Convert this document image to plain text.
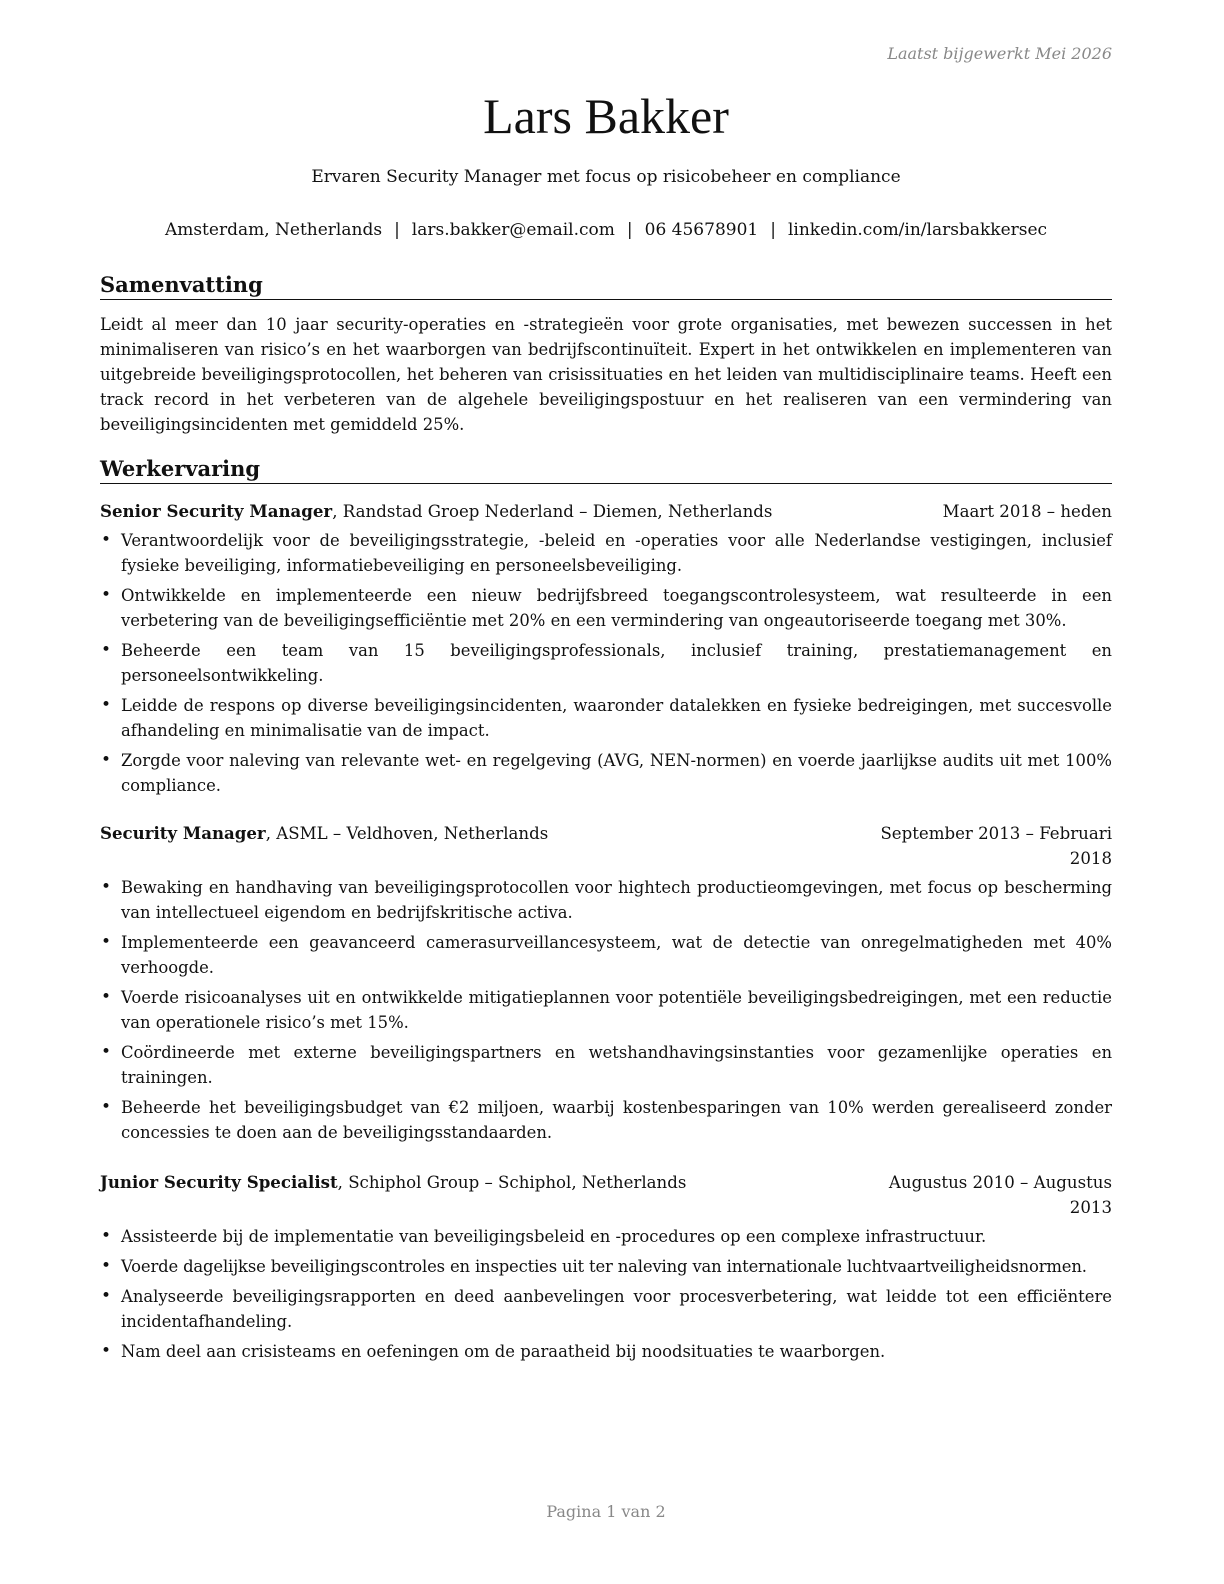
Laatst bijgewerkt Mei 2026

Lars Bakker

Ervaren Security Manager met focus op risicobeheer en compliance

Amsterdam, Netherlands | lars.bakker@email.com | 06 45678901 | linkedin.com/in/larsbakkersec
Samenvatting

Leidt al meer dan 10 jaar security-operaties en -strategieën voor grote organisaties, met bewezen successen in het minimaliseren van risico’s en het waarborgen van bedrijfscontinuïteit. Expert in het ontwikkelen en implementeren van uitgebreide beveiligingsprotocollen, het beheren van crisissituaties en het leiden van multidisciplinaire teams. Heeft een track record in het verbeteren van de algehele beveiligingspostuur en het realiseren van een vermindering van beveiligingsincidenten met gemiddeld 25%.

Werkervaring
Senior Security Manager, Randstad Groep Nederland – Diemen, Netherlands	Maart 2018 – heden
• Verantwoordelijk voor de beveiligingsstrategie, -beleid en -operaties voor alle Nederlandse vestigingen, inclusief fysieke beveiliging, informatiebeveiliging en personeelsbeveiliging.
• Ontwikkelde en implementeerde een nieuw bedrijfsbreed toegangscontrolesysteem, wat resulteerde in een verbetering van de beveiligingsefficiëntie met 20% en een vermindering van ongeautoriseerde toegang met 30%.
• Beheerde een team van 15 beveiligingsprofessionals, inclusief training, prestatiemanagement en personeelsontwikkeling.
• Leidde de respons op diverse beveiligingsincidenten, waaronder datalekken en fysieke bedreigingen, met succesvolle afhandeling en minimalisatie van de impact.
• Zorgde voor naleving van relevante wet- en regelgeving (AVG, NEN-normen) en voerde jaarlijkse audits uit met 100% compliance.
Security Manager, ASML – Veldhoven, Netherlands	September 2013 – Februari 2018
• Bewaking en handhaving van beveiligingsprotocollen voor hightech productieomgevingen, met focus op bescherming van intellectueel eigendom en bedrijfskritische activa.
• Implementeerde een geavanceerd camerasurveillancesysteem, wat de detectie van onregelmatigheden met 40% verhoogde.
• Voerde risicoanalyses uit en ontwikkelde mitigatieplannen voor potentiële beveiligingsbedreigingen, met een reductie van operationele risico’s met 15%.
• Coördineerde met externe beveiligingspartners en wetshandhavingsinstanties voor gezamenlijke operaties en trainingen.
• Beheerde het beveiligingsbudget van €2 miljoen, waarbij kostenbesparingen van 10% werden gerealiseerd zonder concessies te doen aan de beveiligingsstandaarden.
Junior Security Specialist, Schiphol Group – Schiphol, Netherlands	Augustus 2010 – Augustus 2013
• Assisteerde bij de implementatie van beveiligingsbeleid en -procedures op een complexe infrastructuur.
• Voerde dagelijkse beveiligingscontroles en inspecties uit ter naleving van internationale luchtvaartveiligheidsnormen.
• Analyseerde beveiligingsrapporten en deed aanbevelingen voor procesverbetering, wat leidde tot een efficiëntere incidentafhandeling.
• Nam deel aan crisisteams en oefeningen om de paraatheid bij noodsituaties te waarborgen.

Pagina 1 van 2
